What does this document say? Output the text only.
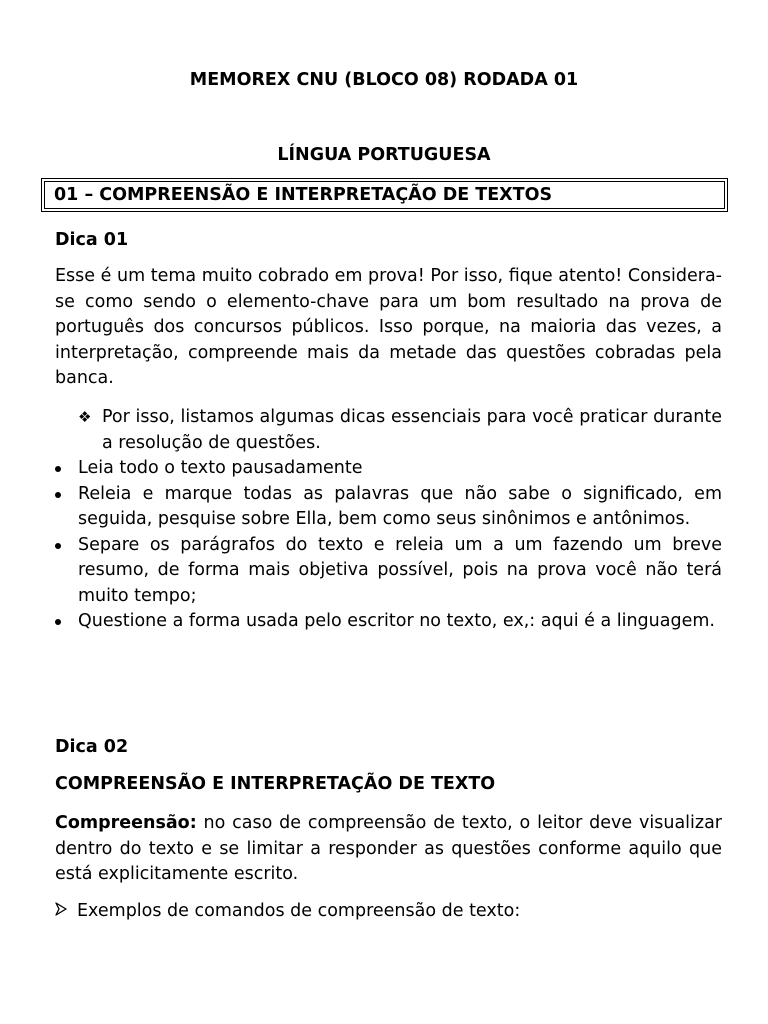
MEMOREX CNU (BLOCO 08) RODADA 01
LÍNGUA PORTUGUESA
01 – COMPREENSÃO E INTERPRETAÇÃO DE TEXTOS
Dica 01
Esse é um tema muito cobrado em prova! Por isso, fique atento! Considera-se como sendo o elemento-chave para um bom resultado na prova de português dos concursos públicos. Isso porque, na maioria das vezes, a interpretação, compreende mais da metade das questões cobradas pela banca.
❖ Por isso, listamos algumas dicas essenciais para você praticar durante a resolução de questões.
Leia todo o texto pausadamente
Releia e marque todas as palavras que não sabe o significado, em seguida, pesquise sobre Ella, bem como seus sinônimos e antônimos.
Separe os parágrafos do texto e releia um a um fazendo um breve resumo, de forma mais objetiva possível, pois na prova você não terá muito tempo;
Questione a forma usada pelo escritor no texto, ex,: aqui é a linguagem.
Dica 02
COMPREENSÃO E INTERPRETAÇÃO DE TEXTO
Compreensão: no caso de compreensão de texto, o leitor deve visualizar dentro do texto e se limitar a responder as questões conforme aquilo que está explicitamente escrito.
Exemplos de comandos de compreensão de texto:
